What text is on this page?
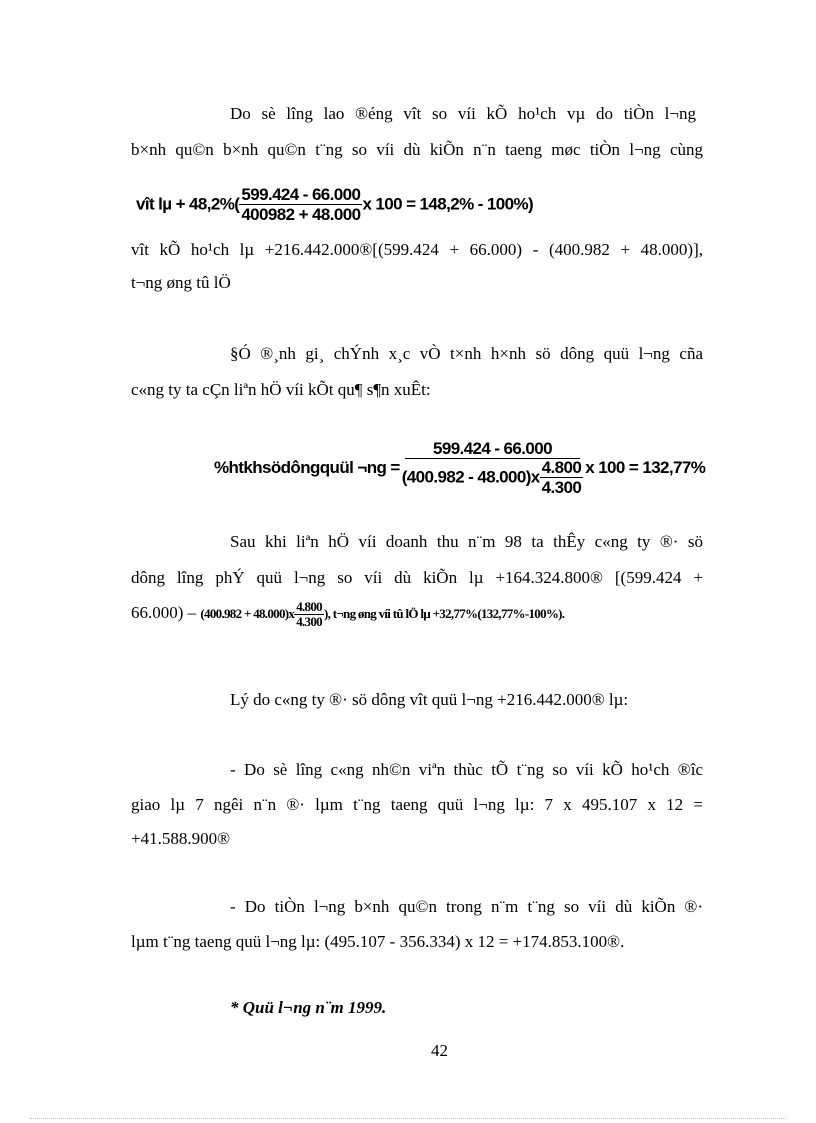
Do sè lîng lao ®éng vît so víi kÕ ho¹ch vµ do tiÒn l¬ng
b×nh qu©n b×nh qu©n t¨ng so víi dù kiÕn n¨n taeng møc tiÒn l¬ng cùng
vît $l\mu + 48,2\%( \frac{599.424 - 66.000}{400982 + 48.000}$ x 100 = 148,2% - 100%)
vît kÕ ho¹ch lµ +216.442.000®[(599.424 + 66.000) - (400.982 + 48.000)],
t¬ng øng tû lÖ
§Ó ®¸nh gi¸ chÝnh x¸c vÒ t×nh h×nh sö dông quü l¬ng cña
c«ng ty ta cÇn liªn hÖ víi kÕt qu¶ s¶n xuÊt:
%htkhsödôngquül ¬ng = $\frac{599.424 - 66.000}{(400.982 - 48.000)x \frac{4.800}{4.300}}$ x 100 = 132,77%
Sau khi liªn hÖ víi doanh thu n¨m 98 ta thÊy c«ng ty ®· sö
dông lîng phÝ quü l¬ng so víi dù kiÕn lµ +164.324.800® [(599.424 +
$66.000) - (400.982 + 48.000)x \frac{4.800}{4.300}$ ), t¬ng øng víi tû lÖ lµ +32,77%(132,77%-100%).
Lý do c«ng ty ®· sö dông vît quü l¬ng +216.442.000® lµ:
- Do sè lîng c«ng nh©n viªn thùc tÕ t¨ng so víi kÕ ho¹ch ®îc
giao lµ 7 ngêi n¨n ®· lµm t¨ng taeng quü l¬ng lµ: 7 x 495.107 x 12 =
+41.588.900®
- Do tiÒn l¬ng b×nh qu©n trong n¨m t¨ng so víi dù kiÕn ®·
lµm t¨ng taeng quü l¬ng lµ: (495.107 - 356.334) x 12 = +174.853.100®.
* Quü l¬ng n¨m 1999.
42
